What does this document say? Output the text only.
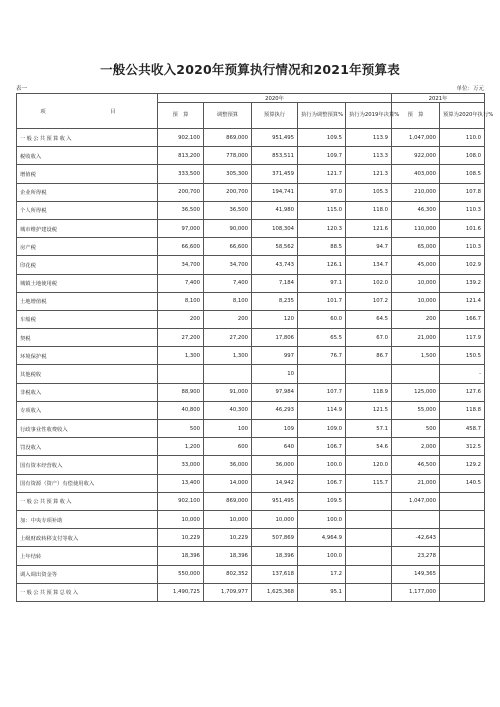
一般公共收入2020年预算执行情况和2021年预算表
表一	单位：万元
项　　目	2020年					2021年	
	预　算	调整预算	预算执行	执行为调整预算%	执行为2019年决算%	预　算	预算为2020年执行%
一般公共预算收入	902,100	869,000	951,495	109.5	113.9	1,047,000	110.0
税收收入	813,200	778,000	853,511	109.7	113.3	922,000	108.0
增值税	333,500	305,300	371,459	121.7	121.3	403,000	108.5
企业所得税	200,700	200,700	194,741	97.0	105.3	210,000	107.8
个人所得税	36,500	36,500	41,980	115.0	118.0	46,300	110.3
城市维护建设税	97,000	90,000	108,304	120.3	121.6	110,000	101.6
房产税	66,600	66,600	58,562	88.5	94.7	65,000	110.3
印花税	34,700	34,700	43,743	126.1	134.7	45,000	102.9
城镇土地使用税	7,400	7,400	7,184	97.1	102.0	10,000	139.2
土地增值税	8,100	8,100	8,235	101.7	107.2	10,000	121.4
车船税	200	200	120	60.0	64.5	200	166.7
契税	27,200	27,200	17,806	65.5	67.0	21,000	117.9
环境保护税	1,300	1,300	997	76.7	86.7	1,500	150.5
其他税收			10				-
非税收入	88,900	91,000	97,984	107.7	118.9	125,000	127.6
专项收入	40,800	40,300	46,293	114.9	121.5	55,000	118.8
行政事业性收费收入	500	100	109	109.0	57.1	500	458.7
罚没收入	1,200	600	640	106.7	54.6	2,000	312.5
国有资本经营收入	33,000	36,000	36,000	100.0	120.0	46,500	129.2
国有资源（资产）有偿使用收入	13,400	14,000	14,942	106.7	115.7	21,000	140.5
一般公共预算收入	902,100	869,000	951,495	109.5		1,047,000	
加：中央专项补助	10,000	10,000	10,000	100.0			
上级财政转移支付等收入	10,229	10,229	507,869	4,964.9		-42,643	
上年结转	18,396	18,396	18,396	100.0		23,278	
调入调出资金等	550,000	802,352	137,618	17.2		149,365	
一般公共预算总收入	1,490,725	1,709,977	1,625,368	95.1		1,177,000	
